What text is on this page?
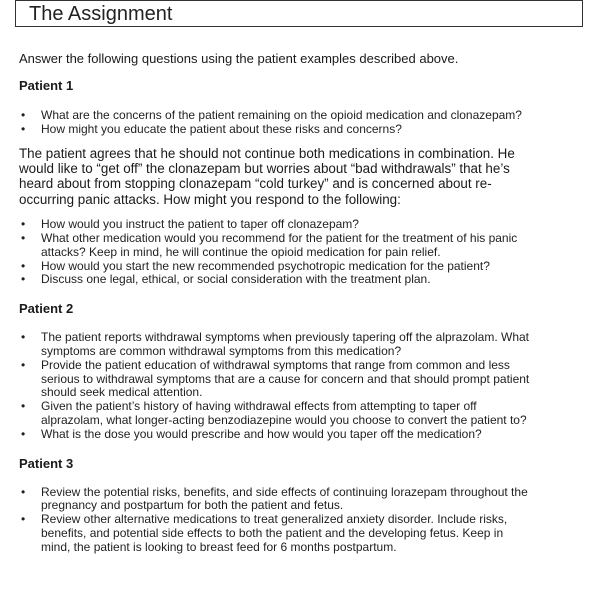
The Assignment

Answer the following questions using the patient examples described above.

Patient 1

• What are the concerns of the patient remaining on the opioid medication and clonazepam?
• How might you educate the patient about these risks and concerns?
The patient agrees that he should not continue both medications in combination. He
would like to “get off” the clonazepam but worries about “bad withdrawals” that he’s
heard about from stopping clonazepam “cold turkey” and is concerned about re-
occurring panic attacks. How might you respond to the following:
• How would you instruct the patient to taper off clonazepam?
• What other medication would you recommend for the patient for the treatment of his panic
attacks? Keep in mind, he will continue the opioid medication for pain relief.
• How would you start the new recommended psychotropic medication for the patient?
• Discuss one legal, ethical, or social consideration with the treatment plan.

Patient 2

• The patient reports withdrawal symptoms when previously tapering off the alprazolam. What
symptoms are common withdrawal symptoms from this medication?
• Provide the patient education of withdrawal symptoms that range from common and less
serious to withdrawal symptoms that are a cause for concern and that should prompt patient
should seek medical attention.
• Given the patient’s history of having withdrawal effects from attempting to taper off
alprazolam, what longer-acting benzodiazepine would you choose to convert the patient to?
• What is the dose you would prescribe and how would you taper off the medication?

Patient 3

• Review the potential risks, benefits, and side effects of continuing lorazepam throughout the
pregnancy and postpartum for both the patient and fetus.
• Review other alternative medications to treat generalized anxiety disorder. Include risks,
benefits, and potential side effects to both the patient and the developing fetus. Keep in
mind, the patient is looking to breast feed for 6 months postpartum.
